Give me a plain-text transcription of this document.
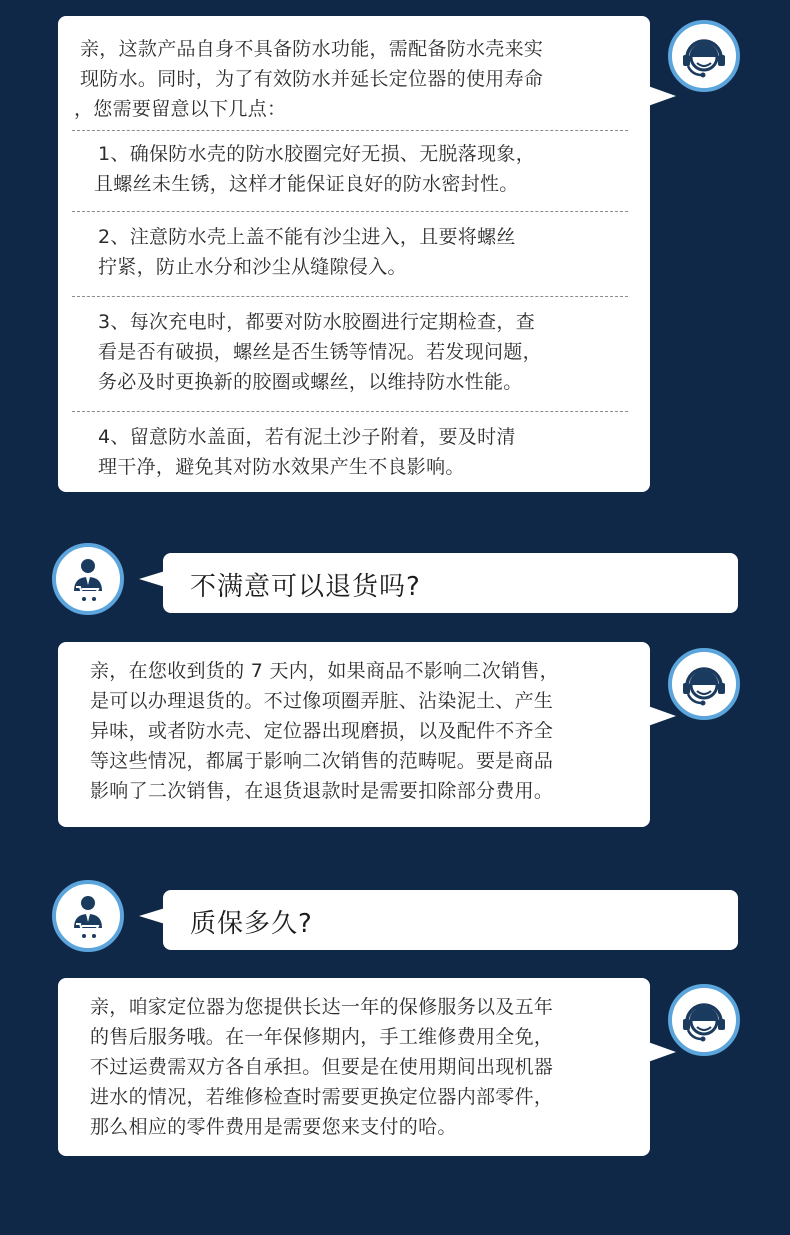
亲，这款产品自身不具备防水功能，需配备防水壳来实

现防水。同时，为了有效防水并延长定位器的使用寿命

，您需要留意以下几点：

1、确保防水壳的防水胶圈完好无损、无脱落现象，
且螺丝未生锈，这样才能保证良好的防水密封性。
2、注意防水壳上盖不能有沙尘进入，且要将螺丝
拧紧，防止水分和沙尘从缝隙侵入。
3、每次充电时，都要对防水胶圈进行定期检查，查
看是否有破损，螺丝是否生锈等情况。若发现问题，
务必及时更换新的胶圈或螺丝，以维持防水性能。
4、留意防水盖面，若有泥土沙子附着，要及时清
理干净，避免其对防水效果产生不良影响。
不满意可以退货吗?

亲，在您收到货的 7 天内，如果商品不影响二次销售，

是可以办理退货的。不过像项圈弄脏、沾染泥土、产生

异味，或者防水壳、定位器出现磨损，以及配件不齐全

等这些情况，都属于影响二次销售的范畴呢。要是商品

影响了二次销售，在退货退款时是需要扣除部分费用。

质保多久?

亲，咱家定位器为您提供长达一年的保修服务以及五年

的售后服务哦。在一年保修期内，手工维修费用全免，

不过运费需双方各自承担。但要是在使用期间出现机器

进水的情况，若维修检查时需要更换定位器内部零件，

那么相应的零件费用是需要您来支付的哈。
